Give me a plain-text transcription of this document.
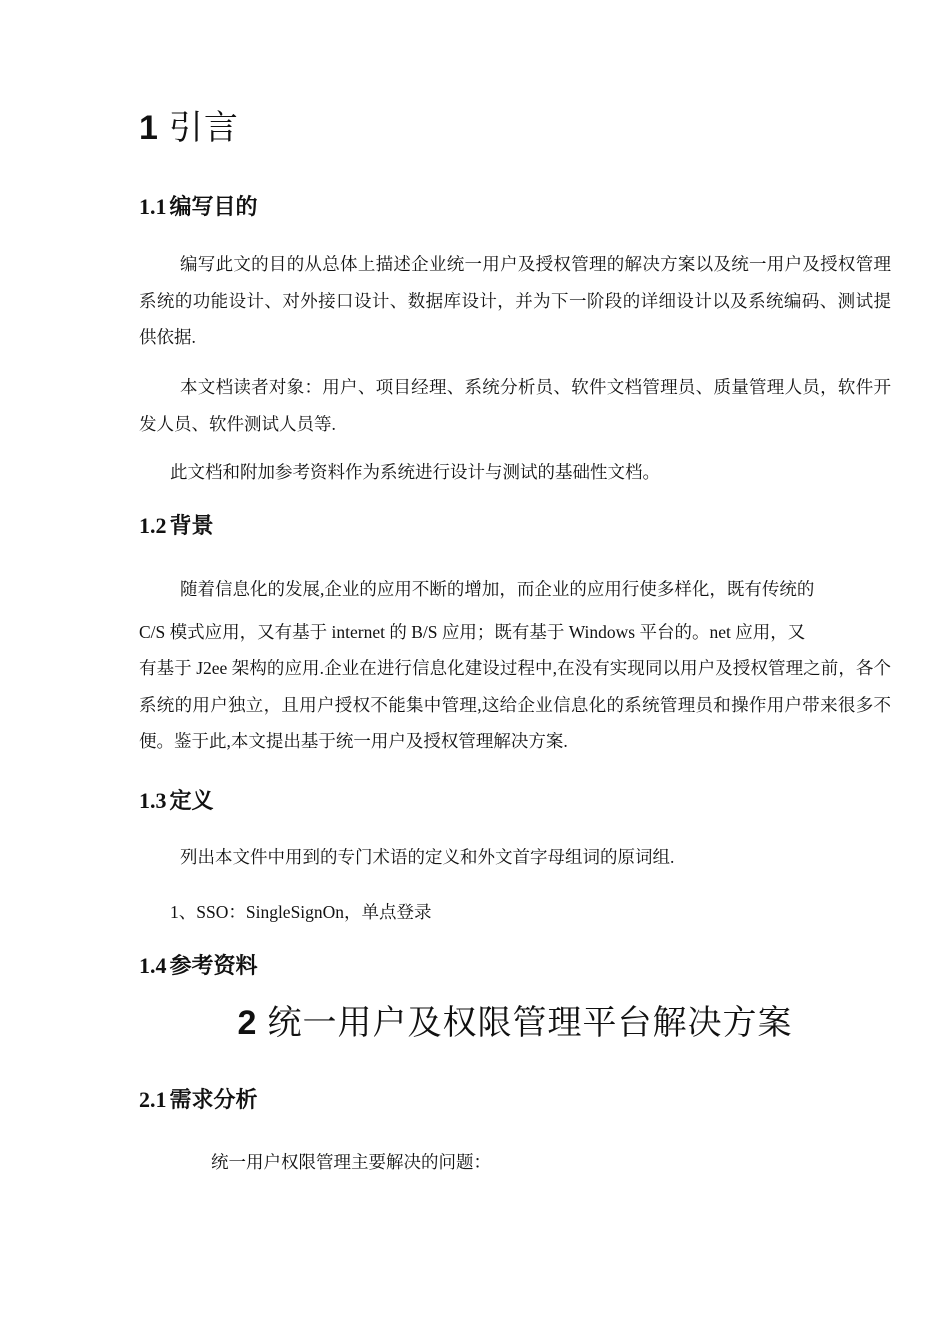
1 引言
1.1 编写目的

编写此文的目的从总体上描述企业统一用户及授权管理的解决方案以及统一用户及授权管理系统的功能设计、对外接口设计、数据库设计，并为下一阶段的详细设计以及系统编码、测试提供依据.

本文档读者对象：用户、项目经理、系统分析员、软件文档管理员、质量管理人员，软件开发人员、软件测试人员等.

此文档和附加参考资料作为系统进行设计与测试的基础性文档。

1.2 背景

随着信息化的发展,企业的应用不断的增加，而企业的应用行使多样化，既有传统的

C/S 模式应用，又有基于 internet 的 B/S 应用；既有基于 Windows 平台的。net 应用，又

有基于 J2ee 架构的应用.企业在进行信息化建设过程中,在没有实现同以用户及授权管理之前，各个系统的用户独立，且用户授权不能集中管理,这给企业信息化的系统管理员和操作用户带来很多不便。鉴于此,本文提出基于统一用户及授权管理解决方案.

1.3 定义

列出本文件中用到的专门术语的定义和外文首字母组词的原词组.

1、SSO：SingleSignOn，单点登录

1.4 参考资料
2 统一用户及权限管理平台解决方案
2.1 需求分析

统一用户权限管理主要解决的问题：
